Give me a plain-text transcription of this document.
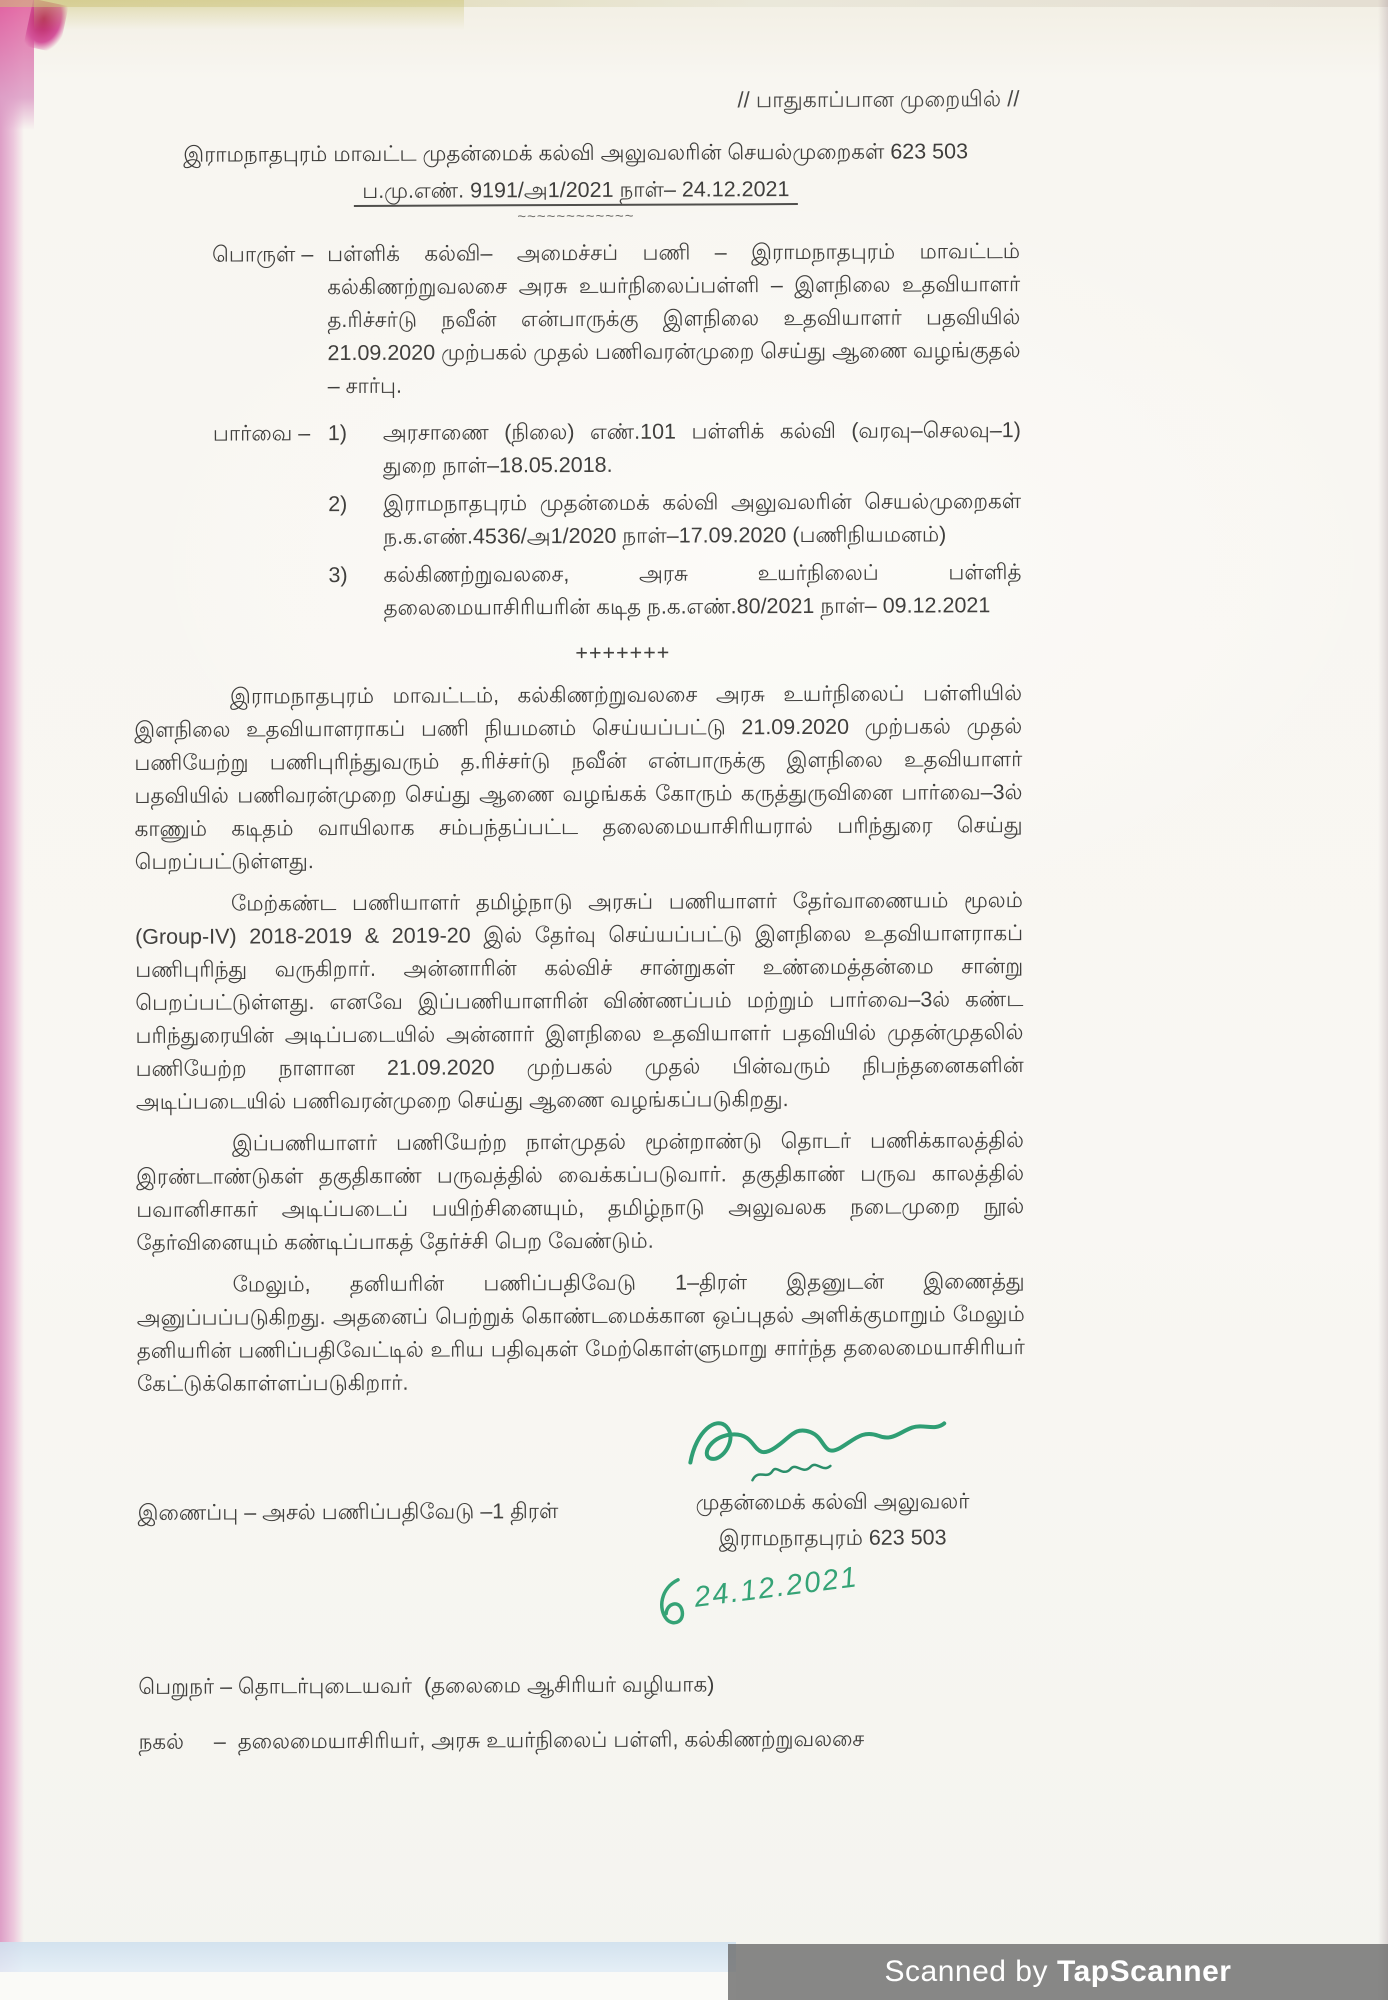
// பாதுகாப்பான முறையில் //
இராமநாதபுரம் மாவட்ட முதன்மைக் கல்வி அலுவலரின் செயல்முறைகள் 623 503
ப.மு.எண். 9191/அ1/2021 நாள்– 24.12.2021
~~~~~~~~~~~~
பொருள் – பள்ளிக் கல்வி– அமைச்சப் பணி – இராமநாதபுரம் மாவட்டம் கல்கிணற்றுவலசை அரசு உயர்நிலைப்பள்ளி – இளநிலை உதவியாளர் த.ரிச்சர்டு நவீன் என்பாருக்கு இளநிலை உதவியாளர் பதவியில் 21.09.2020 முற்பகல் முதல் பணிவரன்முறை செய்து ஆணை வழங்குதல் – சார்பு.
பார்வை – 1)	அரசாணை (நிலை) எண்.101 பள்ளிக் கல்வி (வரவு–செலவு–1) துறை நாள்–18.05.2018.
2)	இராமநாதபுரம் முதன்மைக் கல்வி அலுவலரின் செயல்முறைகள் ந.க.எண்.4536/அ1/2020 நாள்–17.09.2020 (பணிநியமனம்)
3)	கல்கிணற்றுவலசை, அரசு உயர்நிலைப் பள்ளித் தலைமையாசிரியரின் கடித ந.க.எண்.80/2021 நாள்– 09.12.2021
+++++++

இராமநாதபுரம் மாவட்டம், கல்கிணற்றுவலசை அரசு உயர்நிலைப் பள்ளியில் இளநிலை உதவியாளராகப் பணி நியமனம் செய்யப்பட்டு 21.09.2020 முற்பகல் முதல் பணியேற்று பணிபுரிந்துவரும் த.ரிச்சர்டு நவீன் என்பாருக்கு இளநிலை உதவியாளர் பதவியில் பணிவரன்முறை செய்து ஆணை வழங்கக் கோரும் கருத்துருவினை பார்வை–3ல் காணும் கடிதம் வாயிலாக சம்பந்தப்பட்ட தலைமையாசிரியரால் பரிந்துரை செய்து பெறப்பட்டுள்ளது.

மேற்கண்ட பணியாளர் தமிழ்நாடு அரசுப் பணியாளர் தேர்வாணையம் மூலம் (Group-IV) 2018-2019 & 2019-20 இல் தேர்வு செய்யப்பட்டு இளநிலை உதவியாளராகப் பணிபுரிந்து வருகிறார். அன்னாரின் கல்விச் சான்றுகள் உண்மைத்தன்மை சான்று பெறப்பட்டுள்ளது. எனவே இப்பணியாளரின் விண்ணப்பம் மற்றும் பார்வை–3ல் கண்ட பரிந்துரையின் அடிப்படையில் அன்னார் இளநிலை உதவியாளர் பதவியில் முதன்முதலில் பணியேற்ற நாளான 21.09.2020 முற்பகல் முதல் பின்வரும் நிபந்தனைகளின் அடிப்படையில் பணிவரன்முறை செய்து ஆணை வழங்கப்படுகிறது.

இப்பணியாளர் பணியேற்ற நாள்முதல் மூன்றாண்டு தொடர் பணிக்காலத்தில் இரண்டாண்டுகள் தகுதிகாண் பருவத்தில் வைக்கப்படுவார். தகுதிகாண் பருவ காலத்தில் பவானிசாகர் அடிப்படைப் பயிற்சினையும், தமிழ்நாடு அலுவலக நடைமுறை நூல் தேர்வினையும் கண்டிப்பாகத் தேர்ச்சி பெற வேண்டும்.

மேலும், தனியரின் பணிப்பதிவேடு 1–திரள் இதனுடன் இணைத்து அனுப்பப்படுகிறது. அதனைப் பெற்றுக் கொண்டமைக்கான ஒப்புதல் அளிக்குமாறும் மேலும் தனியரின் பணிப்பதிவேட்டில் உரிய பதிவுகள் மேற்கொள்ளுமாறு சார்ந்த தலைமையாசிரியர் கேட்டுக்கொள்ளப்படுகிறார்.

இணைப்பு – அசல் பணிப்பதிவேடு –1 திரள்	முதன்மைக் கல்வி அலுவலர்
இராமநாதபுரம் 623 503
24.12.2021
பெறுநர் – தொடர்புடையவர்  (தலைமை ஆசிரியர் வழியாக)
நகல்     –  தலைமையாசிரியர், அரசு உயர்நிலைப் பள்ளி, கல்கிணற்றுவலசை
Scanned by TapScanner
